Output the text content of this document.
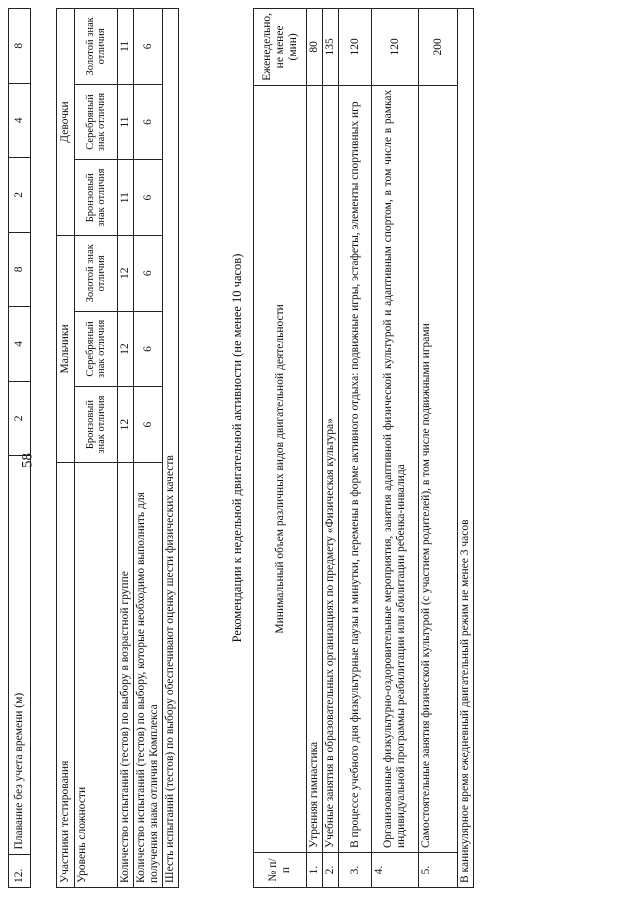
58
12.	Плавание без учета времени (м)	2	4	8	2	4	8
Участники тестирования	Мальчики			Девочки		
Уровень сложности	Бронзовый знак отличия	Серебряный знак отличия	Золотой знак отличия	Бронзовый знак отличия	Серебряный знак отличия	Золотой знак отличия
Количество испытаний (тестов) по выбору в возрастной группе	12	12	12	11	11	11
Количество испытаний (тестов) по выбору, которые необходимо выполнить для получения знака отличия Комплекса	6	6	6	6	6	6
Шесть испытаний (тестов) по выбору обеспечивают оценку шести физических качеств						
Рекомендации к недельной двигательной активности (не менее 10 часов)
№ п/п	Минимальный объем различных видов двигательной деятельности	Еженедельно, не менее (мин)
1.	Утренняя гимнастика	80
2.	Учебные занятия в образовательных организациях по предмету «Физическая культура»	135
3.	В процессе учебного дня физкультурные паузы и минутки, перемены в форме активного отдыха: подвижные игры, эстафеты, элементы спортивных игр	120
4.	Организованные физкультурно-оздоровительные мероприятия, занятия адаптивной физической культурой и адаптивным спортом, в том числе в рамках индивидуальной программы реабилитации или абилитации ребенка-инвалида	120
5.	Самостоятельные занятия физической культурой (с участием родителей), в том числе подвижными играми	200
В каникулярное время ежедневный двигательный режим не менее 3 часов		
